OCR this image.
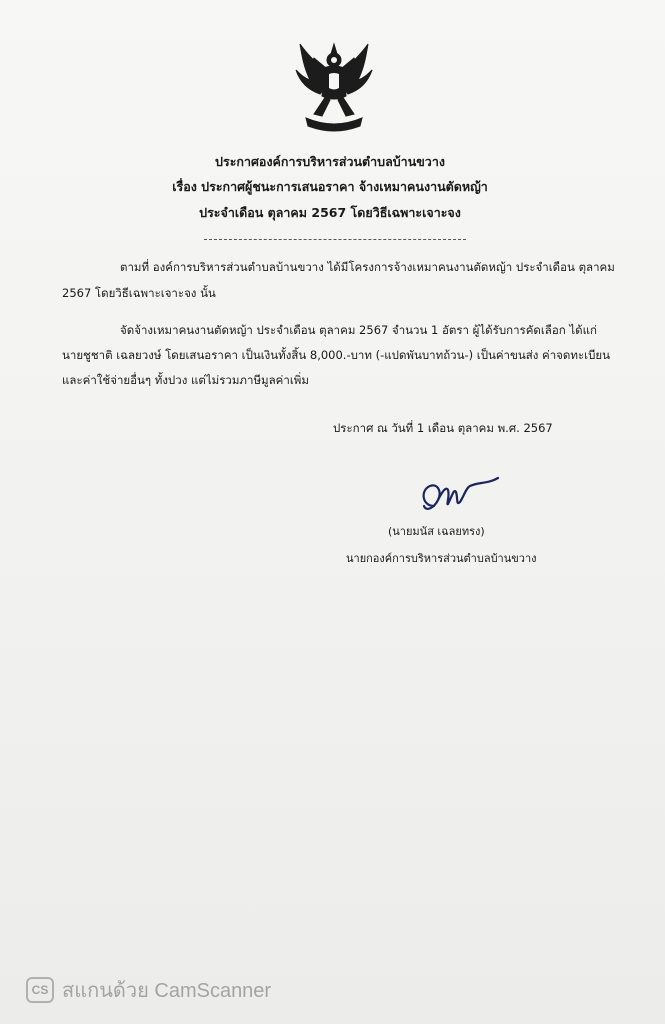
ประกาศองค์การบริหารส่วนตำบลบ้านขวาง
เรื่อง ประกาศผู้ชนะการเสนอราคา จ้างเหมาคนงานตัดหญ้า
ประจำเดือน ตุลาคม 2567 โดยวิธีเฉพาะเจาะจง
ตามที่ องค์การบริหารส่วนตำบลบ้านขวาง ได้มีโครงการจ้างเหมาคนงานตัดหญ้า ประจำเดือน ตุลาคม
2567 โดยวิธีเฉพาะเจาะจง นั้น
จัดจ้างเหมาคนงานตัดหญ้า ประจำเดือน ตุลาคม 2567 จำนวน 1 อัตรา ผู้ได้รับการคัดเลือก ได้แก่
นายชูชาติ เฉลยวงษ์ โดยเสนอราคา เป็นเงินทั้งสิ้น 8,000.-บาท (-แปดพันบาทถ้วน-) เป็นค่าขนส่ง ค่าจดทะเบียน
และค่าใช้จ่ายอื่นๆ ทั้งปวง แต่ไม่รวมภาษีมูลค่าเพิ่ม
ประกาศ ณ วันที่ 1 เดือน ตุลาคม พ.ศ. 2567
(นายมนัส เฉลยทรง)
นายกองค์การบริหารส่วนตำบลบ้านขวาง
CS สแกนด้วย CamScanner
